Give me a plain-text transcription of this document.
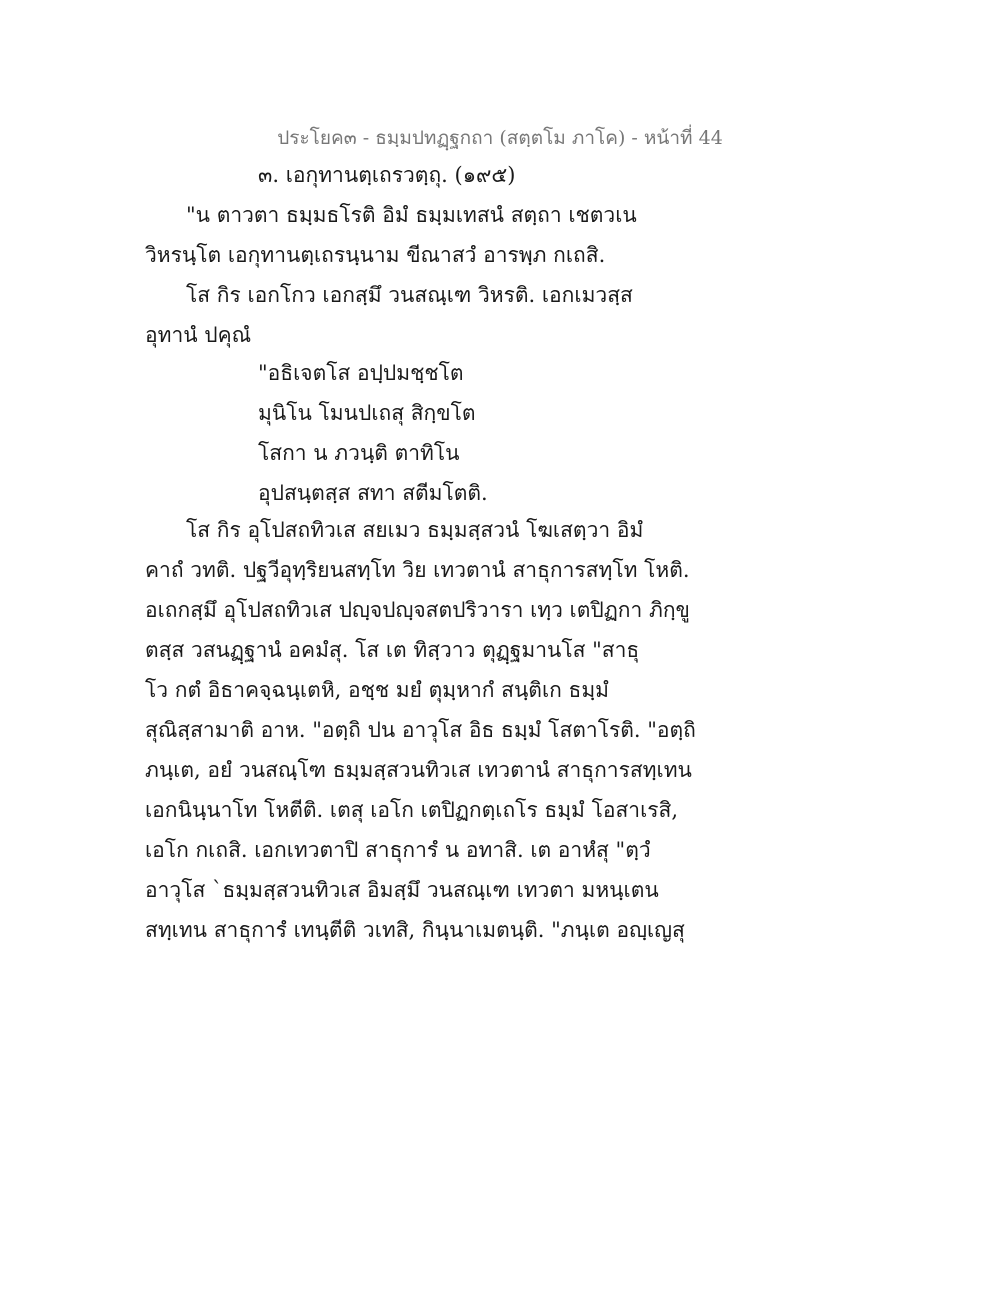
ประโยค๓ - ธมฺมปทฏฺฐกถา (สตฺตโม ภาโค) - หน้าที่ 44
๓. เอกุทานตฺเถรวตฺถุ. (๑๙๕)
"น ตาวตา ธมฺมธโรติ อิมํ ธมฺมเทสนํ สตฺถา เชตวเน
วิหรนฺโต เอกุทานตฺเถรนฺนาม ขีณาสวํ อารพฺภ กเถสิ.
โส กิร เอกโกว เอกสฺมึ วนสณฺเฑ วิหรติ. เอกเมวสฺส
อุทานํ ปคุณํ
"อธิเจตโส อปฺปมชฺชโต
มุนิโน โมนปเถสุ สิกฺขโต
โสกา น ภวนฺติ ตาทิโน
อุปสนฺตสฺส สทา สตีมโตติ.
โส กิร อุโปสถทิวเส สยเมว ธมฺมสฺสวนํ โฆเสตฺวา อิมํ
คาถํ วทติ. ปฐวีอุทฺริยนสทฺโท วิย เทวตานํ สาธุการสทฺโท โหติ.
อเถกสฺมึ อุโปสถทิวเส ปญฺจปญฺจสตปริวารา เทฺว เตปิฏกา ภิกฺขู
ตสฺส วสนฏฺฐานํ อคมํสุ. โส เต ทิสฺวาว ตุฏฺฐมานโส "สาธุ
โว กตํ อิธาคจฺฉนฺเตหิ, อชฺช มยํ ตุมฺหากํ สนฺติเก ธมฺมํ
สุณิสฺสามาติ อาห. "อตฺถิ ปน อาวุโส อิธ ธมฺมํ โสตาโรติ. "อตฺถิ
ภนฺเต, อยํ วนสณฺโฑ ธมฺมสฺสวนทิวเส เทวตานํ สาธุการสทฺเทน
เอกนินฺนาโท โหตีติ. เตสุ เอโก เตปิฏกตฺเถโร ธมฺมํ โอสาเรสิ,
เอโก กเถสิ. เอกเทวตาปิ สาธุการํ น อทาสิ. เต อาหํสุ "ตฺวํ
อาวุโส `ธมฺมสฺสวนทิวเส อิมสฺมึ วนสณฺเฑ เทวตา มหนฺเตน
สทฺเทน สาธุการํ เทนฺตีติ วเทสิ, กินฺนาเมตนฺติ. "ภนฺเต อญฺเญสุ
